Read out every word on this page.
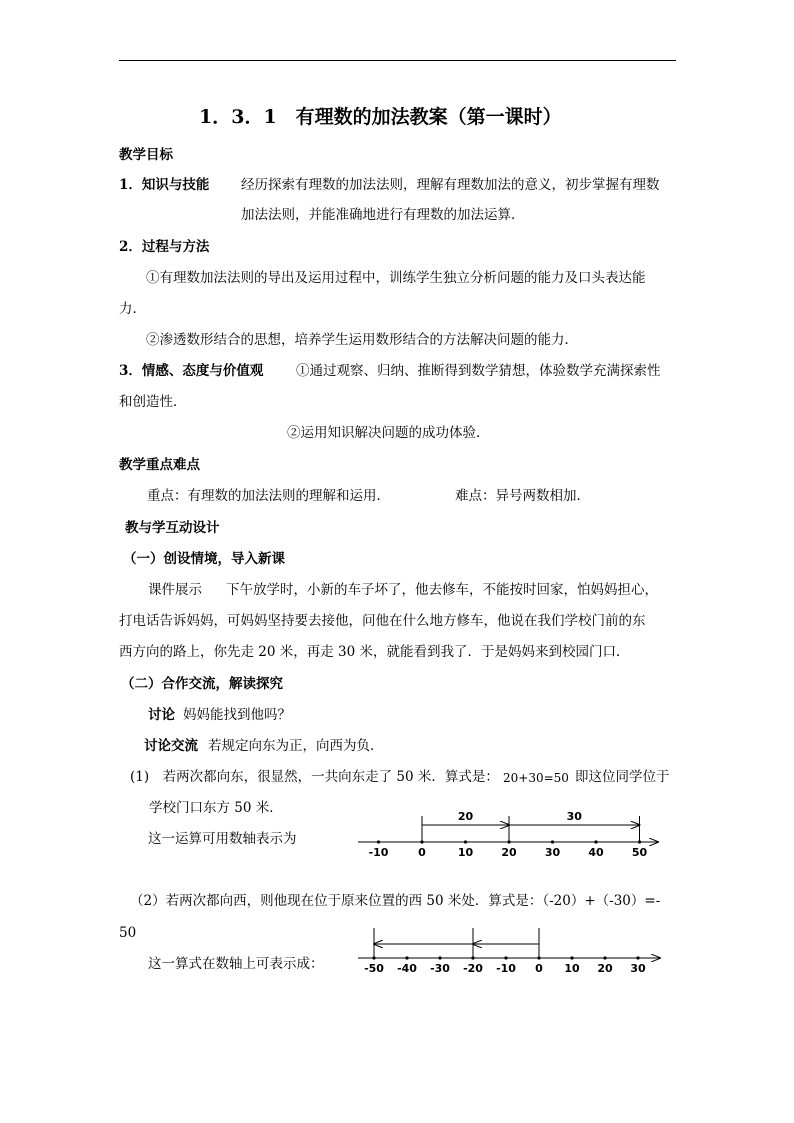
1．3．1　有理数的加法教案（第一课时）
教学目标
1．知识与技能 经历探索有理数的加法法则，理解有理数加法的意义，初步掌握有理数
加法法则，并能准确地进行有理数的加法运算．
2．过程与方法
①有理数加法法则的导出及运用过程中，训练学生独立分析问题的能力及口头表达能
力．
②渗透数形结合的思想，培养学生运用数形结合的方法解决问题的能力．
3．情感、态度与价值观 ①通过观察、归纳、推断得到数学猜想，体验数学充满探索性
和创造性．
②运用知识解决问题的成功体验．
教学重点难点
重点：有理数的加法法则的理解和运用．	难点：异号两数相加．
教与学互动设计
（一）创设情境，导入新课
课件展示 下午放学时，小新的车子坏了，他去修车，不能按时回家，怕妈妈担心，
打电话告诉妈妈，可妈妈坚持要去接他，问他在什么地方修车，他说在我们学校门前的东
西方向的路上，你先走 20 米，再走 30 米，就能看到我了．于是妈妈来到校园门口．
（二）合作交流，解读探究
讨论 妈妈能找到他吗？
讨论交流 若规定向东为正，向西为负．
(1)　若两次都向东，很显然，一共向东走了 50 米．算式是： 20+30=50 即这位同学位于
学校门口东方 50 米．
这一运算可用数轴表示为
-10	0	10	20	30	40	50
20	30
（2）若两次都向西，则他现在位于原来位置的西 50 米处．算式是：（-20）+（-30）=-
50
这一算式在数轴上可表示成：	-50 -40 -30 -20 -10 0 10 20 30
